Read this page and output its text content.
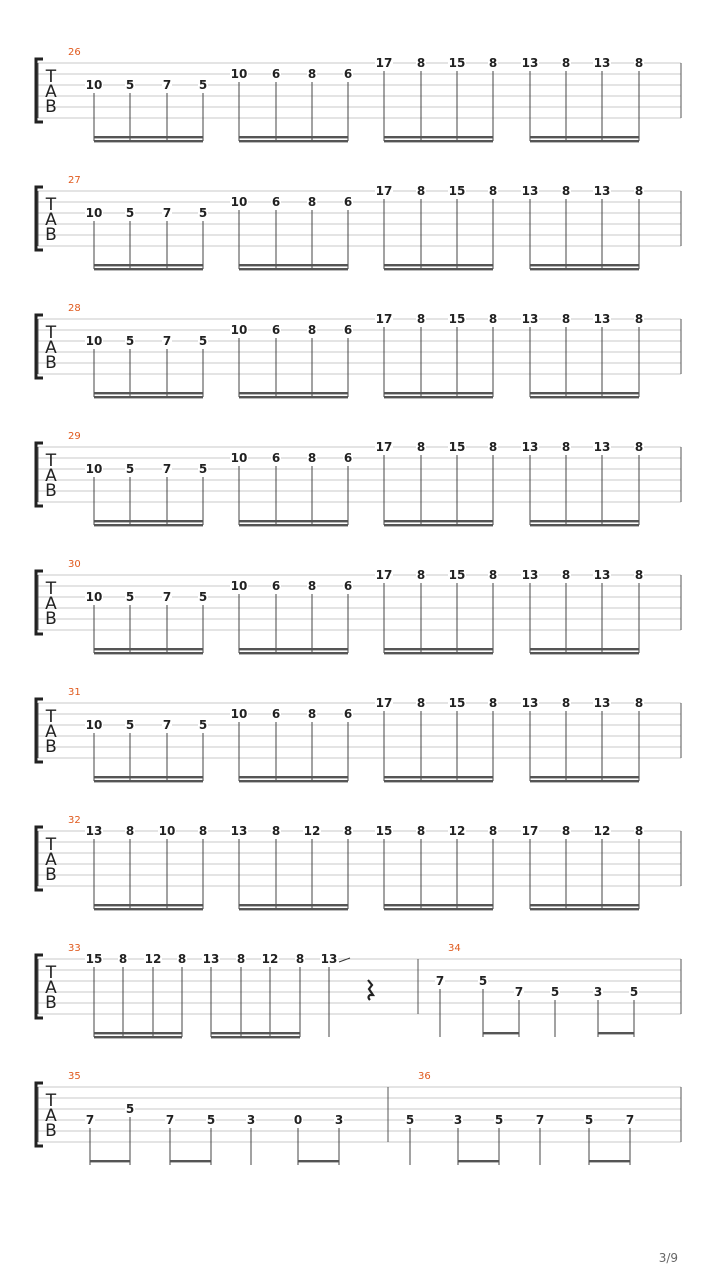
T
A
B
26
10 5 7 5
10 6 8 6
17 8 15 8 13 8 13 8
T
A
B
27
10 5 7 5
10 6 8 6
17 8 15 8 13 8 13 8
T
A
B
28
10 5 7 5
10 6 8 6
17 8 15 8 13 8 13 8
T
A
B
29
10 5 7 5
10 6 8 6
17 8 15 8 13 8 13 8
T
A
B
30
10 5 7 5
10 6 8 6
17 8 15 8 13 8 13 8
T
A
B
31
10 5 7 5
10 6 8 6
17 8 15 8 13 8 13 8
T
A
B
32
13 8 10 8 13 8 12 8 15 8 12 8 17 8 12 8
T
A
B
33
15 8 12 8 13 8 12 8 13
34
7	5
7 5	3 5
T
A
B
35
7
5
7	5	3	0	3
36
5	3	5	7	5	7
3/9
